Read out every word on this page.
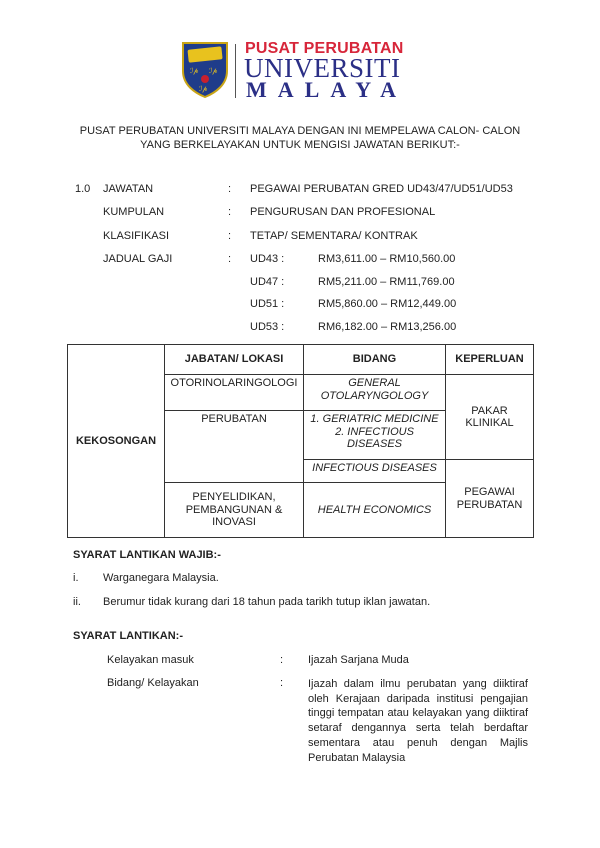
ℐ𝓅 ℐ𝓅
ℐ𝓅
PUSAT PERUBATAN
UNIVERSITI
MALAYA
PUSAT PERUBATAN UNIVERSITI MALAYA DENGAN INI MEMPELAWA CALON- CALON
YANG BERKELAYAKAN UNTUK MENGISI JAWATAN BERIKUT:-
1.0 JAWATAN	: PEGAWAI PERUBATAN GRED UD43/47/UD51/UD53
KUMPULAN	: PENGURUSAN DAN PROFESIONAL
KLASIFIKASI	: TETAP/ SEMENTARA/ KONTRAK
JADUAL GAJI	: UD43 :	RM3,611.00 – RM10,560.00
UD47 :	RM5,211.00 – RM11,769.00
UD51 :	RM5,860.00 – RM12,449.00
UD53 :	RM6,182.00 – RM13,256.00
KEKOSONGAN	JABATAN/ LOKASI	BIDANG	KEPERLUAN
	OTORINOLARINGOLOGI	GENERAL OTOLARYNGOLOGY	PAKAR KLINIKAL
	PERUBATAN	1. GERIATRIC MEDICINE
2. INFECTIOUS DISEASES	
		INFECTIOUS DISEASES	PEGAWAI PERUBATAN
	PENYELIDIKAN, PEMBANGUNAN & INOVASI	HEALTH ECONOMICS	
SYARAT LANTIKAN WAJIB:-
i. Warganegara Malaysia.
ii. Berumur tidak kurang dari 18 tahun pada tarikh tutup iklan jawatan.
SYARAT LANTIKAN:-
Kelayakan masuk	: Ijazah Sarjana Muda
Bidang/ Kelayakan	: Ijazah dalam ilmu perubatan yang diiktiraf oleh Kerajaan daripada institusi pengajian tinggi tempatan atau kelayakan yang diiktiraf setaraf dengannya serta telah berdaftar sementara atau penuh dengan Majlis Perubatan Malaysia
